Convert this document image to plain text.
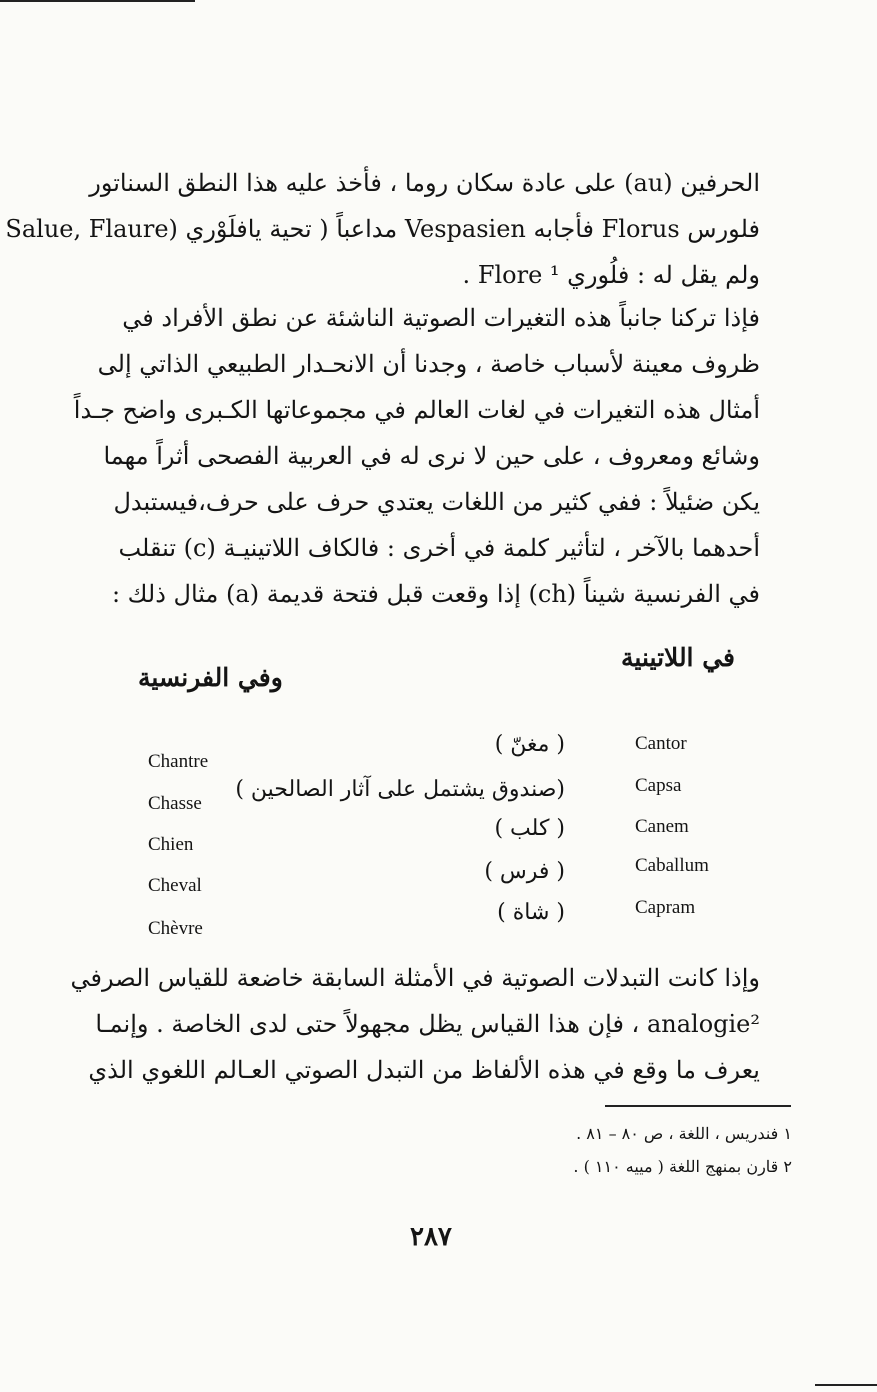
الحرفين (au) على عادة سكان روما ، فأخذ عليه هذا النطق السناتور
فلورس Florus فأجابه Vespasien مداعباً ( تحية يافلَوْري (Salue, Flaure
ولم يقل له : فلُوري Flore ¹ .
فإذا تركنا جانباً هذه التغيرات الصوتية الناشئة عن نطق الأفراد في
ظروف معينة لأسباب خاصة ، وجدنا أن الانحـدار الطبيعي الذاتي إلى
أمثال هذه التغيرات في لغات العالم في مجموعاتها الكـبرى واضح جـداً
وشائع ومعروف ، على حين لا نرى له في العربية الفصحى أثراً مهما
يكن ضئيلاً : ففي كثير من اللغات يعتدي حرف على حرف،فيستبدل
أحدهما بالآخر ، لتأثير كلمة في أخرى : فالكاف اللاتينيـة (c) تنقلب
في الفرنسية شيناً (ch) إذا وقعت قبل فتحة قديمة (a) مثال ذلك :
في اللاتينية
وفي الفرنسية
Cantor
( مغنّ )
Chantre
Capsa
(صندوق يشتمل على آثار الصالحين )
Chasse
Canem
( كلب )
Chien
Caballum
( فرس )
Cheval
Capram
( شاة )
Chèvre
وإذا كانت التبدلات الصوتية في الأمثلة السابقة خاضعة للقياس الصرفي
analogie² ، فإن هذا القياس يظل مجهولاً حتى لدى الخاصة . وإنمـا
يعرف ما وقع في هذه الألفاظ من التبدل الصوتي العـالم اللغوي الذي
١ فندريس ، اللغة ، ص ٨٠ – ٨١ .
٢ قارن بمنهج اللغة ( مييه ١١٠ ) .
٢٨٧
